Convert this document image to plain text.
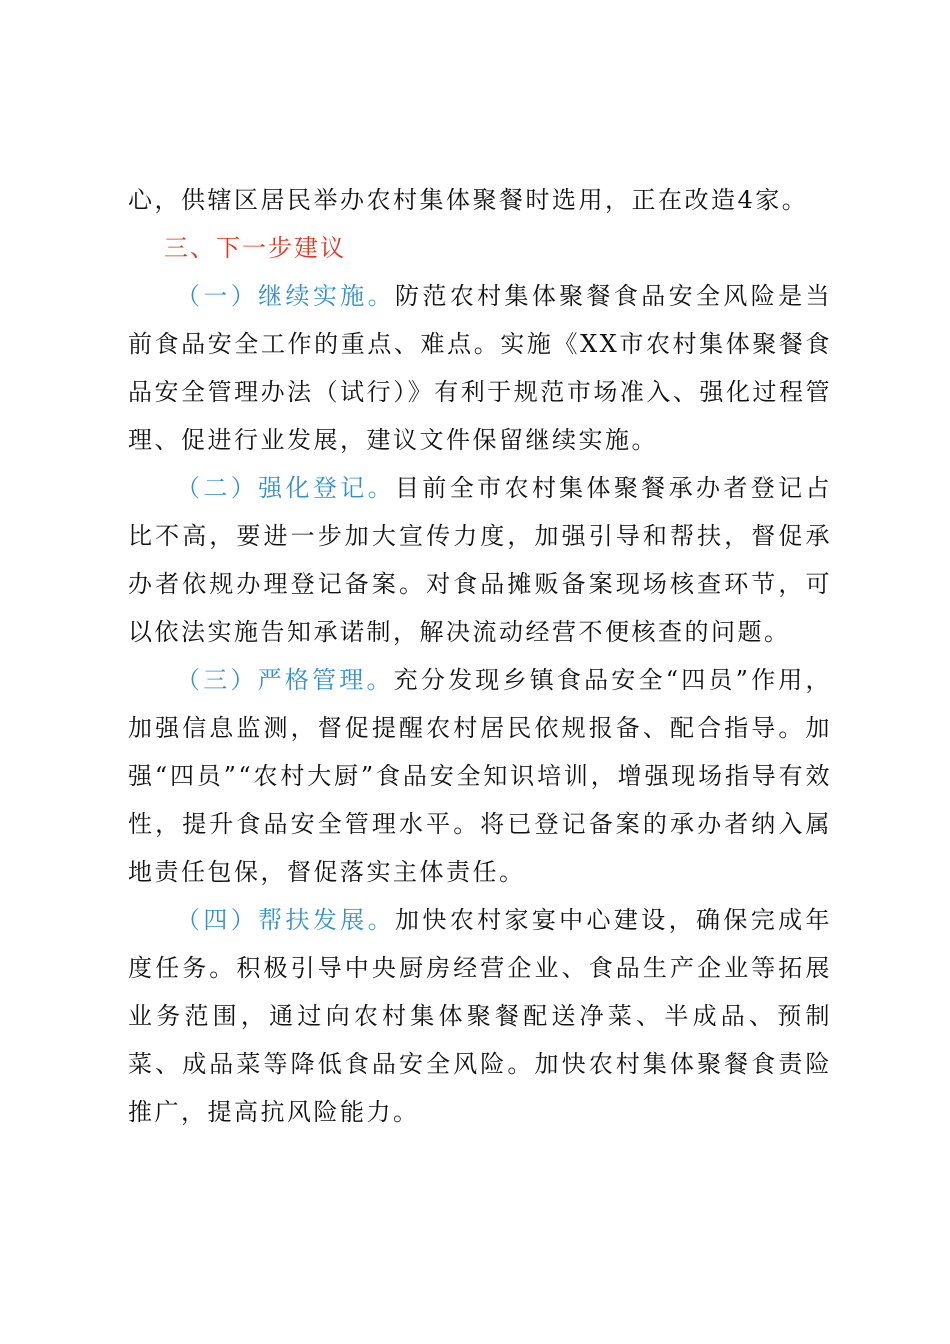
心，供辖区居民举办农村集体聚餐时选用，正在改造4家。

三、下一步建议

（一）继续实施。防范农村集体聚餐食品安全风险是当前食品安全工作的重点、难点。实施《XX市农村集体聚餐食品安全管理办法（试行）》有利于规范市场准入、强化过程管理、促进行业发展，建议文件保留继续实施。

（二）强化登记。目前全市农村集体聚餐承办者登记占比不高，要进一步加大宣传力度，加强引导和帮扶，督促承办者依规办理登记备案。对食品摊贩备案现场核查环节，可以依法实施告知承诺制，解决流动经营不便核查的问题。

（三）严格管理。充分发现乡镇食品安全“四员”作用，加强信息监测，督促提醒农村居民依规报备、配合指导。加强“四员”“农村大厨”食品安全知识培训，增强现场指导有效性，提升食品安全管理水平。将已登记备案的承办者纳入属地责任包保，督促落实主体责任。

（四）帮扶发展。加快农村家宴中心建设，确保完成年度任务。积极引导中央厨房经营企业、食品生产企业等拓展业务范围，通过向农村集体聚餐配送净菜、半成品、预制菜、成品菜等降低食品安全风险。加快农村集体聚餐食责险推广，提高抗风险能力。
